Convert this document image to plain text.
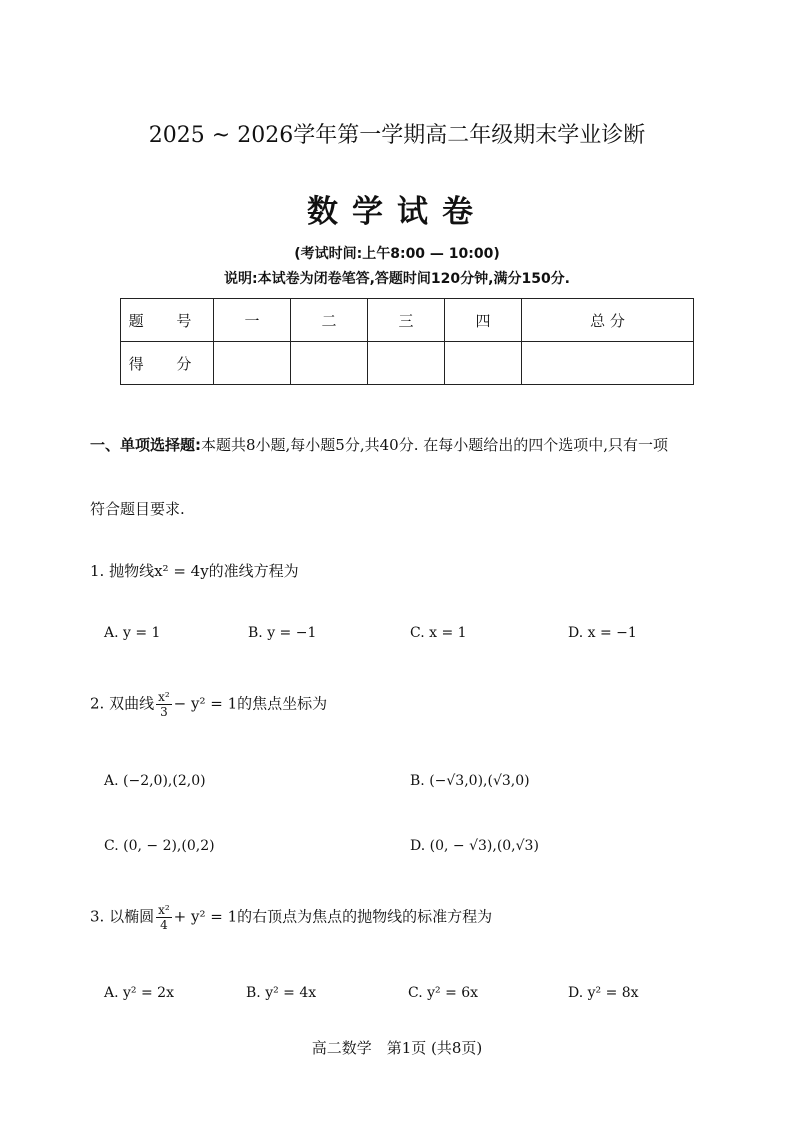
2025 ~ 2026学年第一学期高二年级期末学业诊断
数学试卷
(考试时间:上午8:00 — 10:00)
说明:本试卷为闭卷笔答,答题时间120分钟,满分150分.
题 号	一	二	三	四	总 分
得 分					
一、单项选择题:本题共8小题,每小题5分,共40分. 在每小题给出的四个选项中,只有一项
符合题目要求.
1. 抛物线x² = 4y的准线方程为
A. y = 1	B. y = −1	C. x = 1	D. x = −1
2. 双曲线 $\frac{\text{x²}}{3} - y^2 = 1$的焦点坐标为
A. (−2,0),(2,0)	B. (−√3,0),(√3,0)
C. (0, − 2),(0,2)	D. (0, − √3),(0,√3)
3. 以椭圆 $\frac{\text{x²}}{4} + y^2 = 1$的右顶点为焦点的抛物线的标准方程为
A. y² = 2x	B. y² = 4x	C. y² = 6x	D. y² = 8x
高二数学　第1页 (共8页)
